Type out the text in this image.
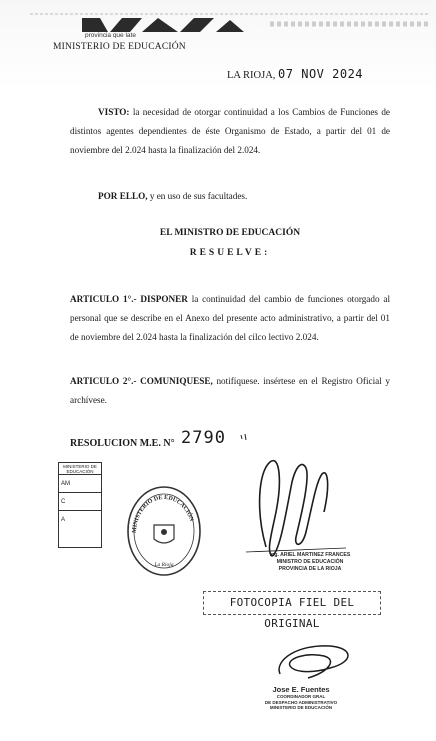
provincia que late
MINISTERIO DE EDUCACIÓN
LA RIOJA, 07 NOV 2024
VISTO: la necesidad de otorgar continuidad a los Cambios de Funciones de distintos agentes dependientes de éste Organismo de Estado, a partir del 01 de noviembre del 2.024 hasta la finalización del 2.024.
POR ELLO, y en uso de sus facultades.
EL MINISTRO DE EDUCACIÓN
RESUELVE:
ARTICULO 1°.- DISPONER la continuidad del cambio de funciones otorgado al personal que se describe en el Anexo del presente acto administrativo, a partir del 01 de noviembre del 2.024 hasta la finalización del cilco lectivo 2.024.
ARTICULO 2°.- COMUNIQUESE, notifíquese. insértese en el Registro Oficial y archívese.
RESOLUCION M.E. N° 2790
MINISTERIO DE EDUCACIÓN
AM
C
A
MINISTERIO DE EDUCACIÓN
La Rioja
Ing. ARIEL MARTINEZ FRANCES
MINISTRO DE EDUCACIÓN
PROVINCIA DE LA RIOJA
FOTOCOPIA FIEL DEL ORIGINAL
Jose E. Fuentes
COORDINADOR GRAL
DE DESPACHO ADMINISTRATIVO
MINISTERIO DE EDUCACIÓN
